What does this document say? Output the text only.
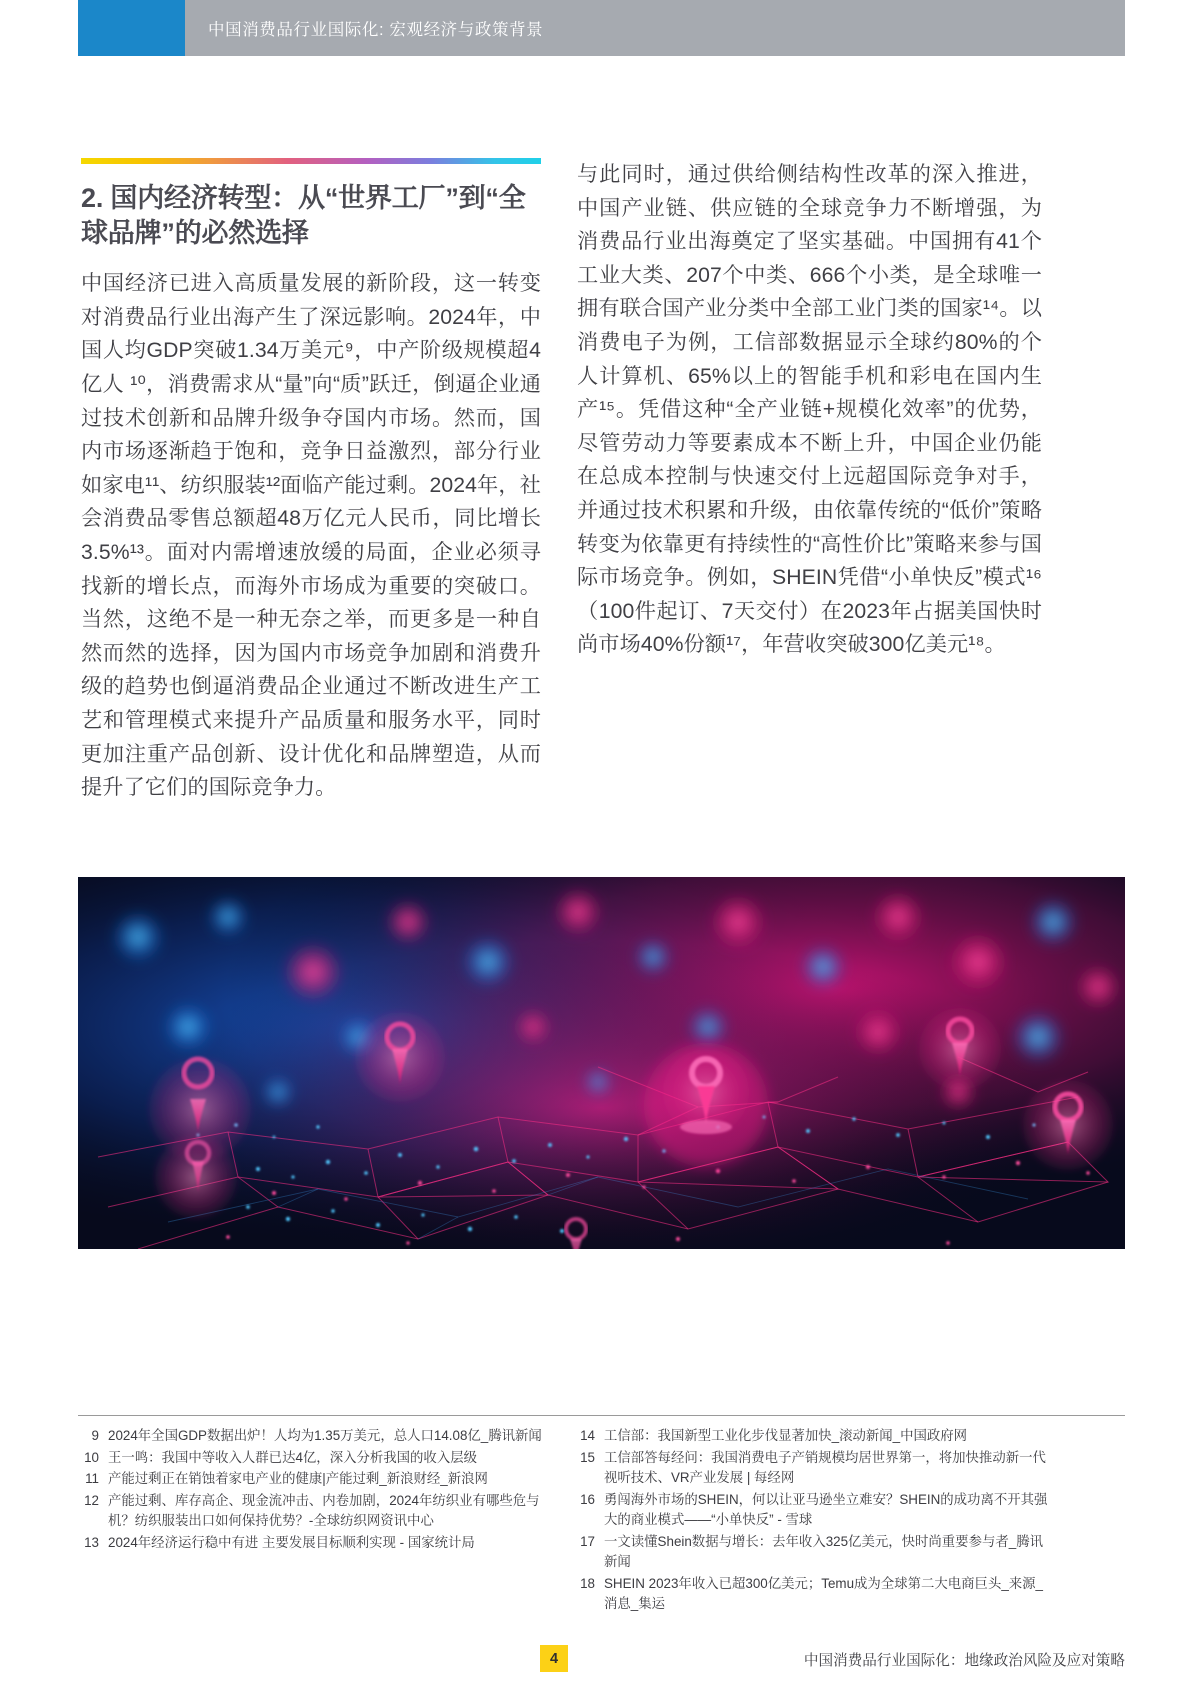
中国消费品行业国际化: 宏观经济与政策背景
2. 国内经济转型：从“世界工厂”到“全球品牌”的必然选择

中国经济已进入高质量发展的新阶段，这一转变对消费品行业出海产生了深远影响。2024年，中国人均GDP突破1.34万美元⁹，中产阶级规模超4亿人 ¹⁰，消费需求从“量”向“质”跃迁，倒逼企业通过技术创新和品牌升级争夺国内市场。然而，国内市场逐渐趋于饱和，竞争日益激烈，部分行业如家电¹¹、纺织服装¹²面临产能过剩。2024年，社会消费品零售总额超48万亿元人民币，同比增长3.5%¹³。面对内需增速放缓的局面，企业必须寻找新的增长点，而海外市场成为重要的突破口。当然，这绝不是一种无奈之举，而更多是一种自然而然的选择，因为国内市场竞争加剧和消费升级的趋势也倒逼消费品企业通过不断改进生产工艺和管理模式来提升产品质量和服务水平，同时更加注重产品创新、设计优化和品牌塑造，从而提升了它们的国际竞争力。

与此同时，通过供给侧结构性改革的深入推进，中国产业链、供应链的全球竞争力不断增强，为消费品行业出海奠定了坚实基础。中国拥有41个工业大类、207个中类、666个小类，是全球唯一拥有联合国产业分类中全部工业门类的国家¹⁴。以消费电子为例，工信部数据显示全球约80%的个人计算机、65%以上的智能手机和彩电在国内生产¹⁵。凭借这种“全产业链+规模化效率”的优势，尽管劳动力等要素成本不断上升，中国企业仍能在总成本控制与快速交付上远超国际竞争对手，并通过技术积累和升级，由依靠传统的“低价”策略转变为依靠更有持续性的“高性价比”策略来参与国际市场竞争。例如，SHEIN凭借“小单快反”模式¹⁶（100件起订、7天交付）在2023年占据美国快时尚市场40%份额¹⁷，年营收突破300亿美元¹⁸。

9 2024年全国GDP数据出炉！人均为1.35万美元，总人口14.08亿_腾讯新闻
10 王一鸣：我国中等收入人群已达4亿，深入分析我国的收入层级
11 产能过剩正在销蚀着家电产业的健康|产能过剩_新浪财经_新浪网
12 产能过剩、库存高企、现金流冲击、内卷加剧，2024年纺织业有哪些危与机？纺织服装出口如何保持优势？-全球纺织网资讯中心
13 2024年经济运行稳中有进 主要发展目标顺利实现 - 国家统计局
14 工信部：我国新型工业化步伐显著加快_滚动新闻_中国政府网
15 工信部答每经问：我国消费电子产销规模均居世界第一，将加快推动新一代视听技术、VR产业发展 | 每经网
16 勇闯海外市场的SHEIN，何以让亚马逊坐立难安？SHEIN的成功离不开其强大的商业模式——“小单快反” - 雪球
17 一文读懂Shein数据与增长：去年收入325亿美元，快时尚重要参与者_腾讯新闻
18 SHEIN 2023年收入已超300亿美元；Temu成为全球第二大电商巨头_来源_消息_集运
4	中国消费品行业国际化：地缘政治风险及应对策略
